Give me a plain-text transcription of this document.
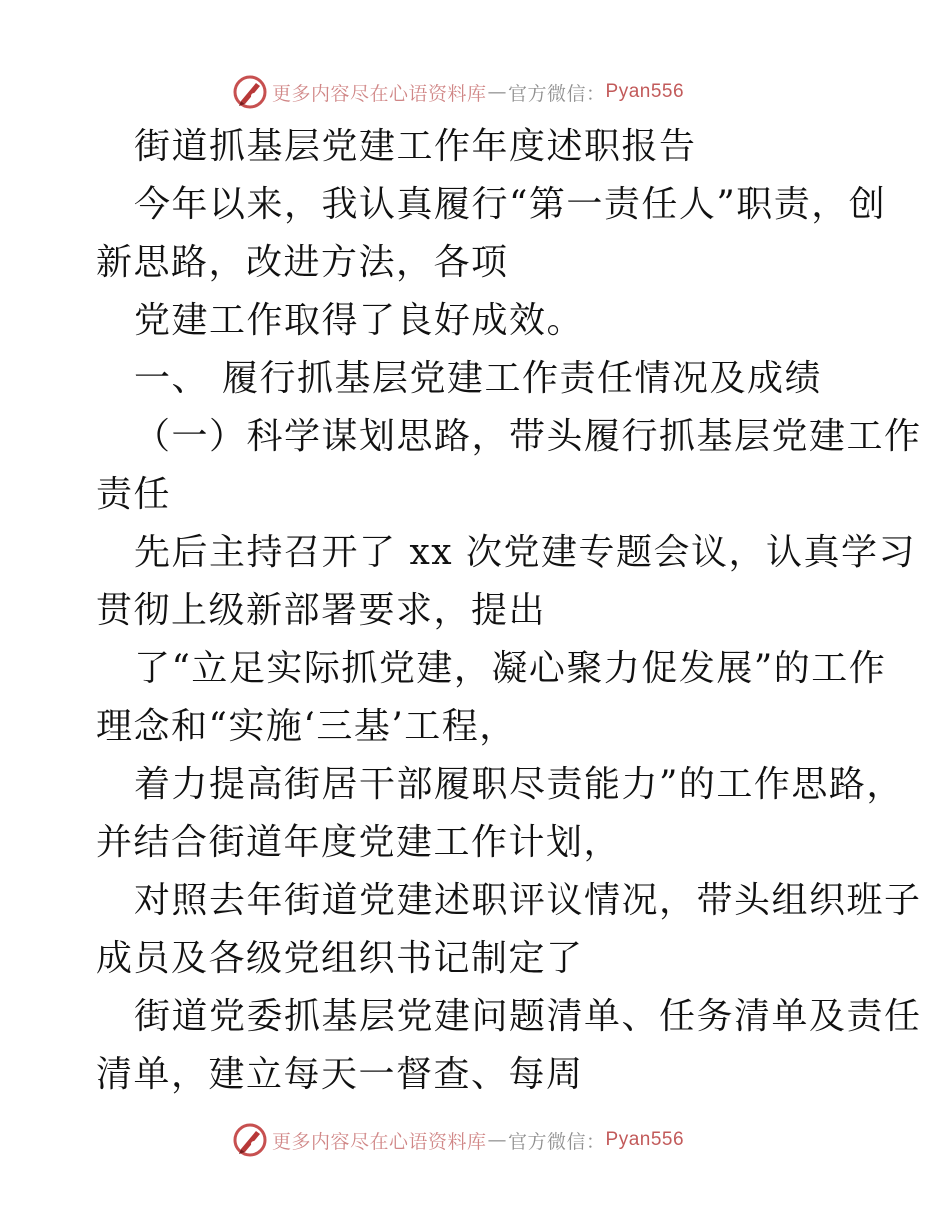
更多内容尽在心语资料库 — 官方微信： Pyan556

街道抓基层党建工作年度述职报告

今年以来，我认真履行“第一责任人”职责，创

新思路，改进方法，各项

党建工作取得了良好成效。

一、 履行抓基层党建工作责任情况及成绩

（一）科学谋划思路，带头履行抓基层党建工作

责任

先后主持召开了 xx 次党建专题会议，认真学习

贯彻上级新部署要求，提出

了“立足实际抓党建，凝心聚力促发展”的工作

理念和“实施‘三基’工程，

着力提高街居干部履职尽责能力”的工作思路，

并结合街道年度党建工作计划，

对照去年街道党建述职评议情况，带头组织班子

成员及各级党组织书记制定了

街道党委抓基层党建问题清单、任务清单及责任

清单，建立每天一督查、每周

更多内容尽在心语资料库 — 官方微信： Pyan556
